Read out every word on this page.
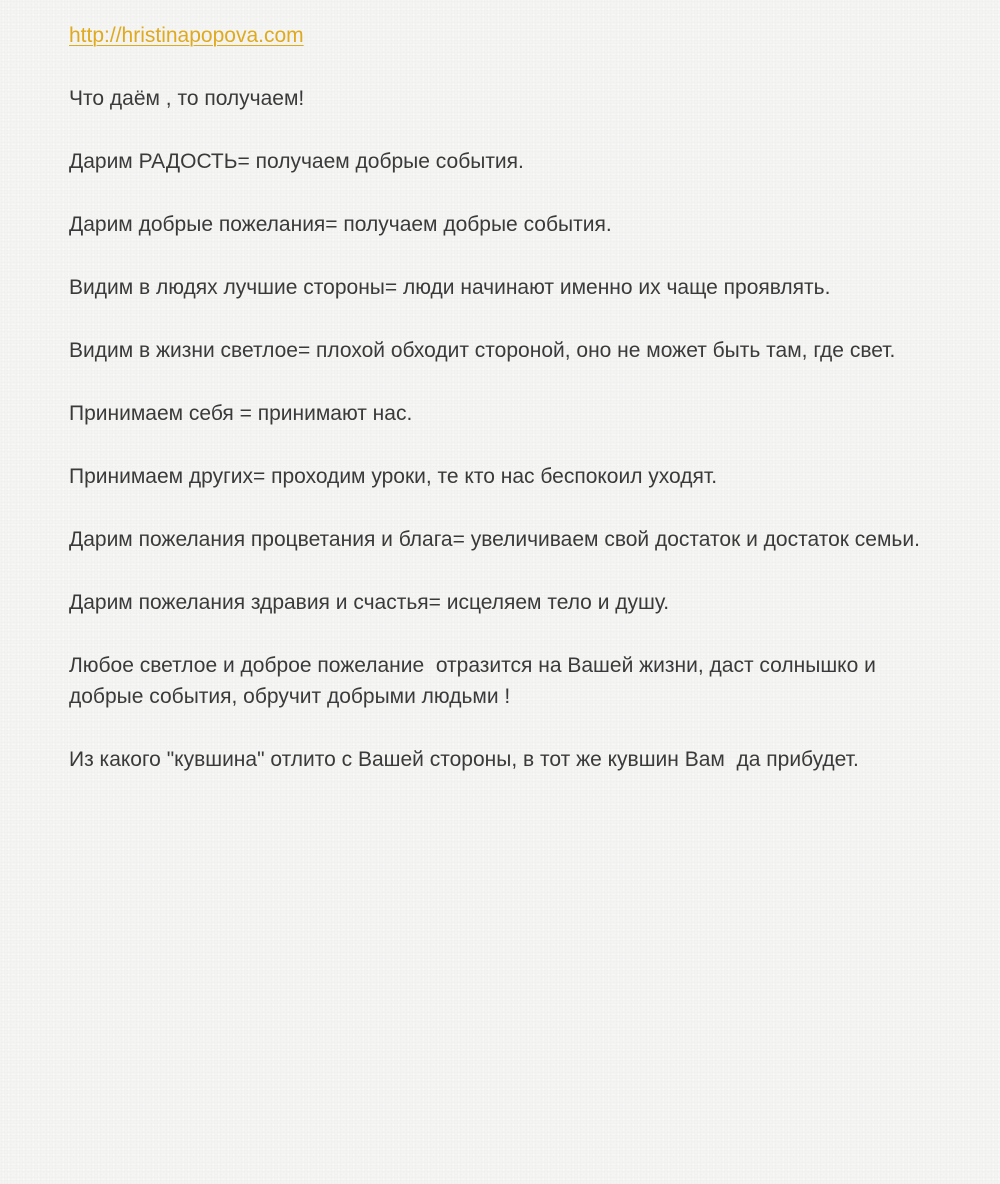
http://hristinapopova.com
Что даём , то получаем!
Дарим РАДОСТЬ= получаем добрые события.
Дарим добрые пожелания= получаем добрые события.
Видим в людях лучшие стороны= люди начинают именно их чаще проявлять.
Видим в жизни светлое= плохой обходит стороной, оно не может быть там, где свет.
Принимаем себя = принимают нас.
Принимаем других= проходим уроки, те кто нас беспокоил уходят.
Дарим пожелания процветания и блага= увеличиваем свой достаток и достаток семьи.
Дарим пожелания здравия и счастья= исцеляем тело и душу.
Любое светлое и доброе пожелание  отразится на Вашей жизни, даст солнышко и добрые события, обручит добрыми людьми !
Из какого "кувшина" отлито с Вашей стороны, в тот же кувшин Вам  да прибудет.
